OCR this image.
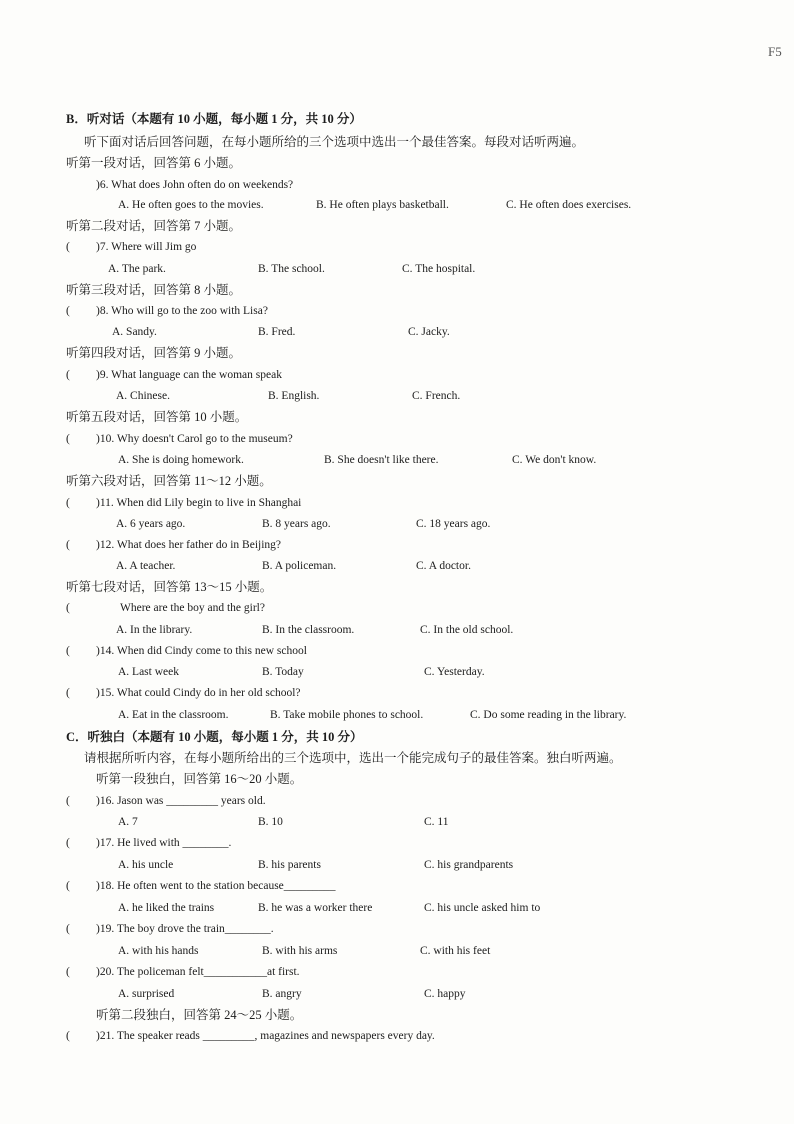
F5
B．听对话（本题有 10 小题，每小题 1 分，共 10 分）
听下面对话后回答问题，在每小题所给的三个选项中选出一个最佳答案。每段对话听两遍。
听第一段对话，回答第 6 小题。
)6. What does John often do on weekends?
A. He often goes to the movies.	B. He often plays basketball.	C. He often does exercises.
听第二段对话，回答第 7 小题。
( )7. Where will Jim go
A. The park.	B. The school.	C. The hospital.
听第三段对话，回答第 8 小题。
( )8. Who will go to the zoo with Lisa?
A. Sandy.	B. Fred.	C. Jacky.
听第四段对话，回答第 9 小题。
( )9. What language can the woman speak
A. Chinese.	B. English.	C. French.
听第五段对话，回答第 10 小题。
( )10. Why doesn't Carol go to the museum?
A. She is doing homework.	B. She doesn't like there.	C. We don't know.
听第六段对话，回答第 11～12 小题。
( )11. When did Lily begin to live in Shanghai
A. 6 years ago.	B. 8 years ago.	C. 18 years ago.
( )12. What does her father do in Beijing?
A. A teacher.	B. A policeman.	C. A doctor.
听第七段对话，回答第 13～15 小题。
(	Where are the boy and the girl?
A. In the library.	B. In the classroom.	C. In the old school.
( )14. When did Cindy come to this new school
A. Last week	B. Today	C. Yesterday.
( )15. What could Cindy do in her old school?
A. Eat in the classroom.	B. Take mobile phones to school.	C. Do some reading in the library.
C．听独白（本题有 10 小题，每小题 1 分，共 10 分）
请根据所听内容，在每小题所给出的三个选项中，选出一个能完成句子的最佳答案。独白听两遍。
听第一段独白，回答第 16～20 小题。
听第二段独白，回答第 24～25 小题。
( )16. Jason was _________ years old.
A. 7	B. 10	C. 11
( )17. He lived with ________.
A. his uncle	B. his parents	C. his grandparents
( )18. He often went to the station because_________
A. he liked the trains	B. he was a worker there	C. his uncle asked him to
( )19. The boy drove the train________.
A. with his hands	B. with his arms	C. with his feet
( )20. The policeman felt___________at first.
A. surprised	B. angry	C. happy
( )21. The speaker reads _________, magazines and newspapers every day.
